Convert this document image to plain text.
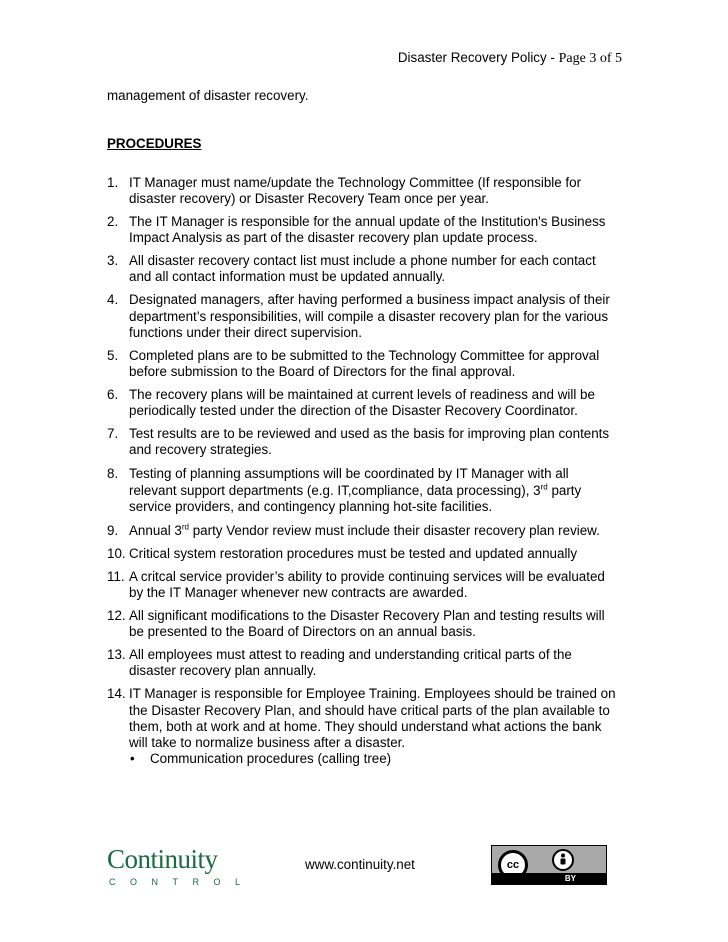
Disaster Recovery Policy - Page 3 of 5
management of disaster recovery.
PROCEDURES
1. IT Manager must name/update the Technology Committee (If responsible for disaster recovery) or Disaster Recovery Team once per year.
2. The IT Manager is responsible for the annual update of the Institution's Business Impact Analysis as part of the disaster recovery plan update process.
3. All disaster recovery contact list must include a phone number for each contact and all contact information must be updated annually.
4. Designated managers, after having performed a business impact analysis of their department’s responsibilities, will compile a disaster recovery plan for the various functions under their direct supervision.
5. Completed plans are to be submitted to the Technology Committee for approval before submission to the Board of Directors for the final approval.
6. The recovery plans will be maintained at current levels of readiness and will be periodically tested under the direction of the Disaster Recovery Coordinator.
7. Test results are to be reviewed and used as the basis for improving plan contents and recovery strategies.
8. Testing of planning assumptions will be coordinated by IT Manager with all relevant support departments (e.g. IT,compliance, data processing), 3rd party service providers, and contingency planning hot-site facilities.
9. Annual 3rd party Vendor review must include their disaster recovery plan review.
10. Critical system restoration procedures must be tested and updated annually
11. A critcal service provider’s ability to provide continuing services will be evaluated by the IT Manager whenever new contracts are awarded.
12. All significant modifications to the Disaster Recovery Plan and testing results will be presented to the Board of Directors on an annual basis.
13. All employees must attest to reading and understanding critical parts of the disaster recovery plan annually.
14. IT Manager is responsible for Employee Training. Employees should be trained on the Disaster Recovery Plan, and should have critical parts of the plan available to them, both at work and at home. They should understand what actions the bank will take to normalize business after a disaster.
•	Communication procedures (calling tree)
Continuity
CONTROL
www.continuity.net	cc
BY
